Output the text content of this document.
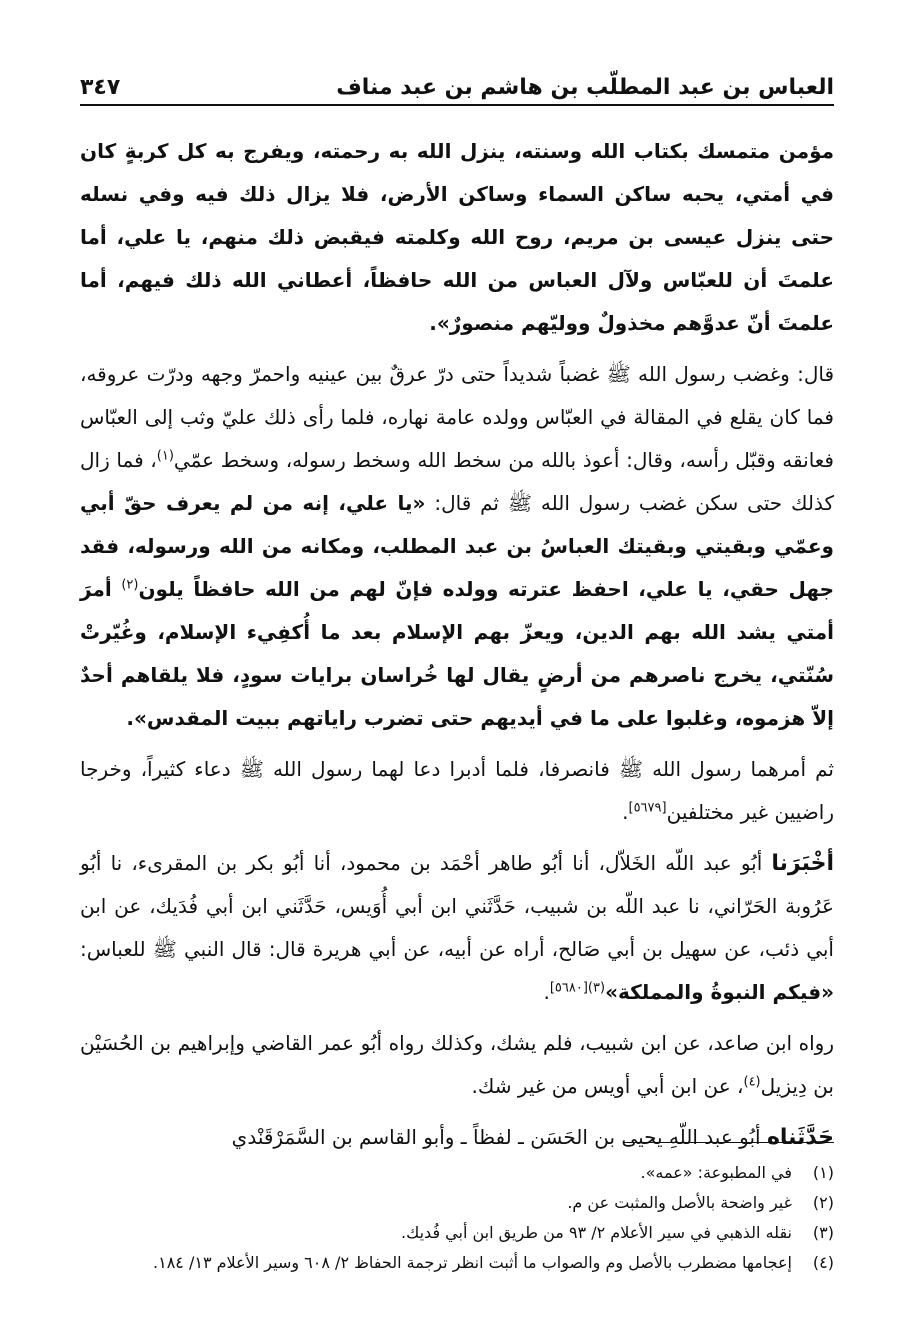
العباس بن عبد المطلّب بن هاشم بن عبد مناف
٣٤٧

مؤمن متمسك بكتاب الله وسنته، ينزل الله به رحمته، ويفرج به كل كربةٍ كان في أمتي، يحبه ساكن السماء وساكن الأرض، فلا يزال ذلك فيه وفي نسله حتى ينزل عيسى بن مريم، روح الله وكلمته فيقبض ذلك منهم، يا علي، أما علمتَ أن للعبّاس ولآل العباس من الله حافظاً، أعطاني الله ذلك فيهم، أما علمتَ أنّ عدوَّهم مخذولٌ ووليّهم منصورٌ».

قال: وغضب رسول الله ﷺ غضباً شديداً حتى درّ عرقٌ بين عينيه واحمرّ وجهه ودرّت عروقه، فما كان يقلع في المقالة في العبّاس وولده عامة نهاره، فلما رأى ذلك عليّ وثب إلى العبّاس فعانقه وقبّل رأسه، وقال: أعوذ بالله من سخط الله وسخط رسوله، وسخط عمّي$^{(١)}$، فما زال كذلك حتى سكن غضب رسول الله ﷺ ثم قال: «يا علي، إنه من لم يعرف حقّ أبي وعمّي وبقيتي وبقيتك العباسُ بن عبد المطلب، ومكانه من الله ورسوله، فقد جهل حقي، يا علي، احفظ عترته وولده فإنّ لهم من الله حافظاً يلون$^{(٢)}$ أمرَ أمتي يشد الله بهم الدين، ويعزّ بهم الإسلام بعد ما أُكفِيء الإسلام، وغُيّرتْ سُنّتي، يخرج ناصرهم من أرضٍ يقال لها خُراسان برايات سودٍ، فلا يلقاهم أحدٌ إلاّ هزموه، وغلبوا على ما في أيديهم حتى تضرب راياتهم ببيت المقدس».

ثم أمرهما رسول الله ﷺ فانصرفا، فلما أدبرا دعا لهما رسول الله ﷺ دعاء كثيراً، وخرجا راضيين غير مختلفين[٥٦٧٩].

أخْبَرَنا أبُو عبد اللّه الخَلاّل، أنا أبُو طاهر أحْمَد بن محمود، أنا أبُو بكر بن المقرىء، نا أبُو عَرُوبة الحَرّاني، نا عبد اللّه بن شبيب، حَدَّثَني ابن أبي أُوَيس، حَدَّثَني ابن أبي فُدَيك، عن ابن أبي ذئب، عن سهيل بن أبي صَالح، أراه عن أبيه، عن أبي هريرة قال: قال النبي ﷺ للعباس: «فيكم النبوةُ والمملكة»$^{(٣)[٥٦٨٠]}$.

رواه ابن صاعد، عن ابن شبيب، فلم يشك، وكذلك رواه أبُو عمر القاضي وإبراهيم بن الحُسَيْن بن دِيزيل$^{(٤)}$، عن ابن أبي أويس من غير شك.

حَدَّثَناه أبُو عبد اللّهِ يحيى بن الحَسَن ـ لفظاً ـ وأبو القاسم بن السَّمَرْقَنْدي

(١)
في المطبوعة: «عمه».
(٢)
غير واضحة بالأصل والمثبت عن م.
(٣)
نقله الذهبي في سير الأعلام ٢/ ٩٣ من طريق ابن أبي فُديك.
(٤)
إعجامها مضطرب بالأصل وم والصواب ما أثبت انظر ترجمة الحفاظ ٢/ ٦٠٨ وسير الأعلام ١٣/ ١٨٤.
